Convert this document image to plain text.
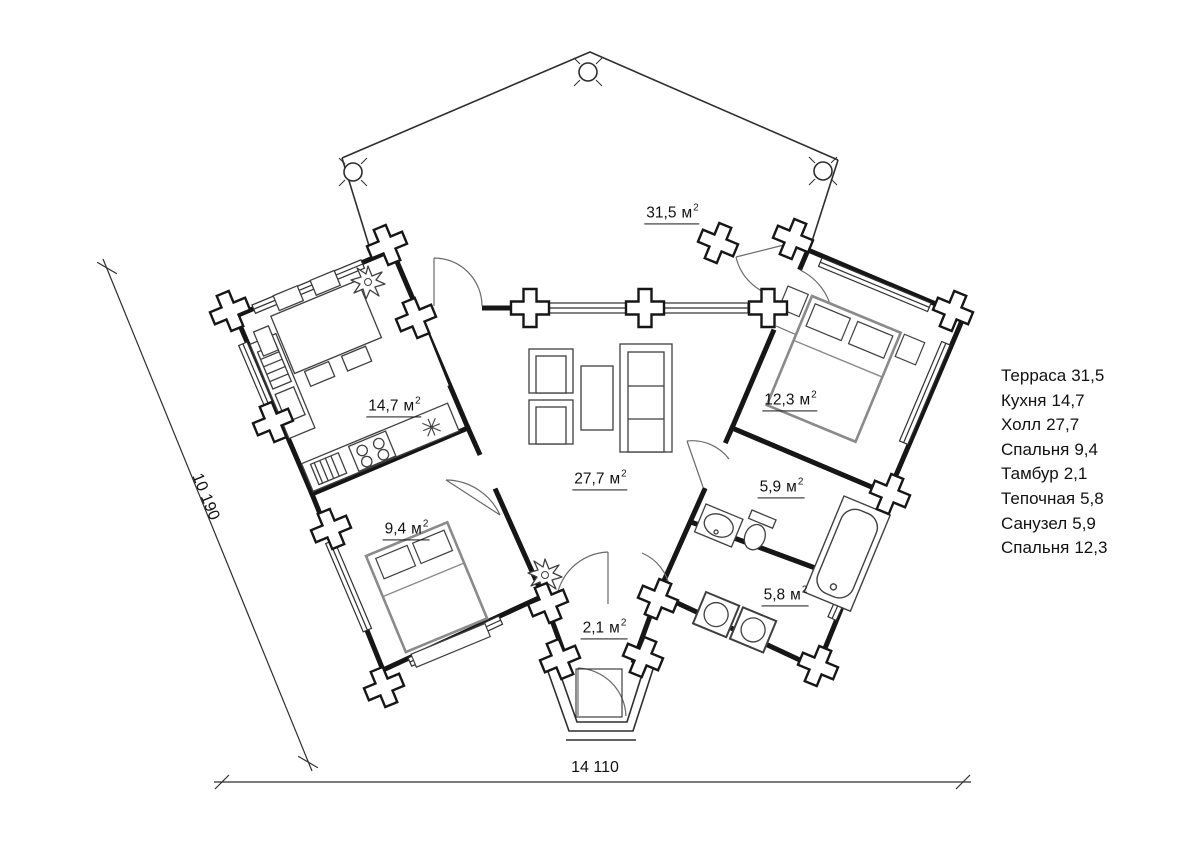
31,5 $м^2$
14,7 $м^2$
27,7 $м^2$
12,3 $м^2$
5,9 $м^2$
9,4 $м^2$
5,8 $м^2$
2,1 $м^2$
10 190
14 110
Терраса 31,5
Кухня 14,7
Холл 27,7
Спальня 9,4
Тамбур 2,1
Тепочная 5,8
Санузел 5,9
Спальня 12,3
